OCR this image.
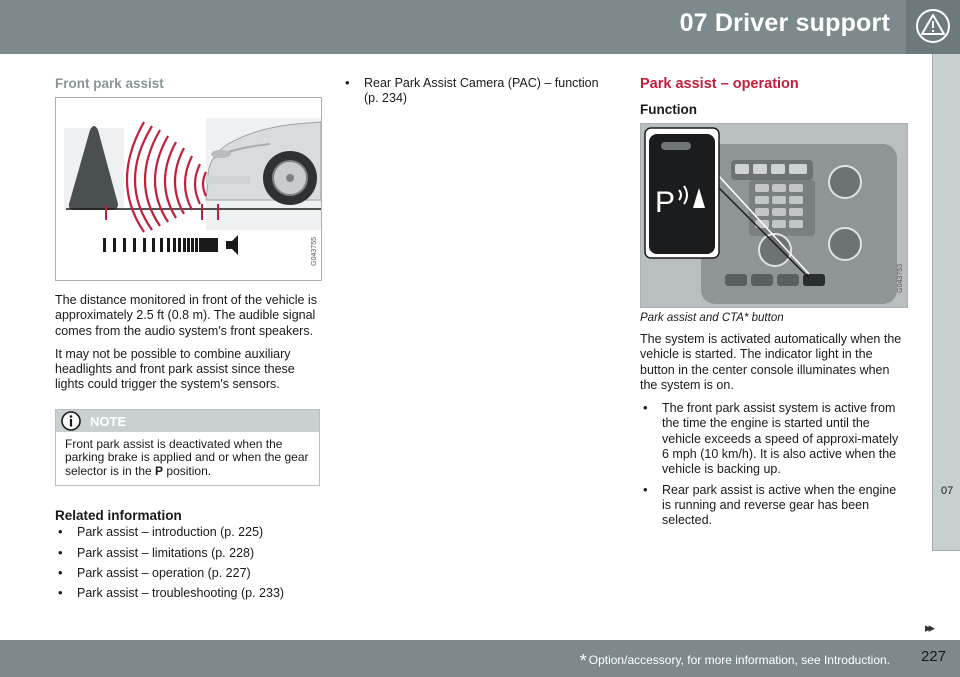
07 Driver support
07
Front park assist
G043755

The distance monitored in front of the vehicle is approximately 2.5 ft (0.8 m). The audible signal comes from the audio system's front speakers.

It may not be possible to combine auxiliary headlights and front park assist since these lights could trigger the system's sensors.

NOTE
Front park assist is deactivated when the parking brake is applied and or when the gear selector is in the P position.
Related information
• Park assist – introduction (p. 225)
• Park assist – limitations (p. 228)
• Park assist – operation (p. 227)
• Park assist – troubleshooting (p. 233)
• Rear Park Assist Camera (PAC) – function (p. 234)
Park assist – operation
Function
P
G043753
Park assist and CTA* button

The system is activated automatically when the vehicle is started. The indicator light in the button in the center console illuminates when the system is on.

• The front park assist system is active from the time the engine is started until the vehicle exceeds a speed of approxi-mately 6 mph (10 km/h). It is also active when the vehicle is backing up.
• Rear park assist is active when the engine is running and reverse gear has been selected.
▸▸
* Option/accessory, for more information, see Introduction. 227
